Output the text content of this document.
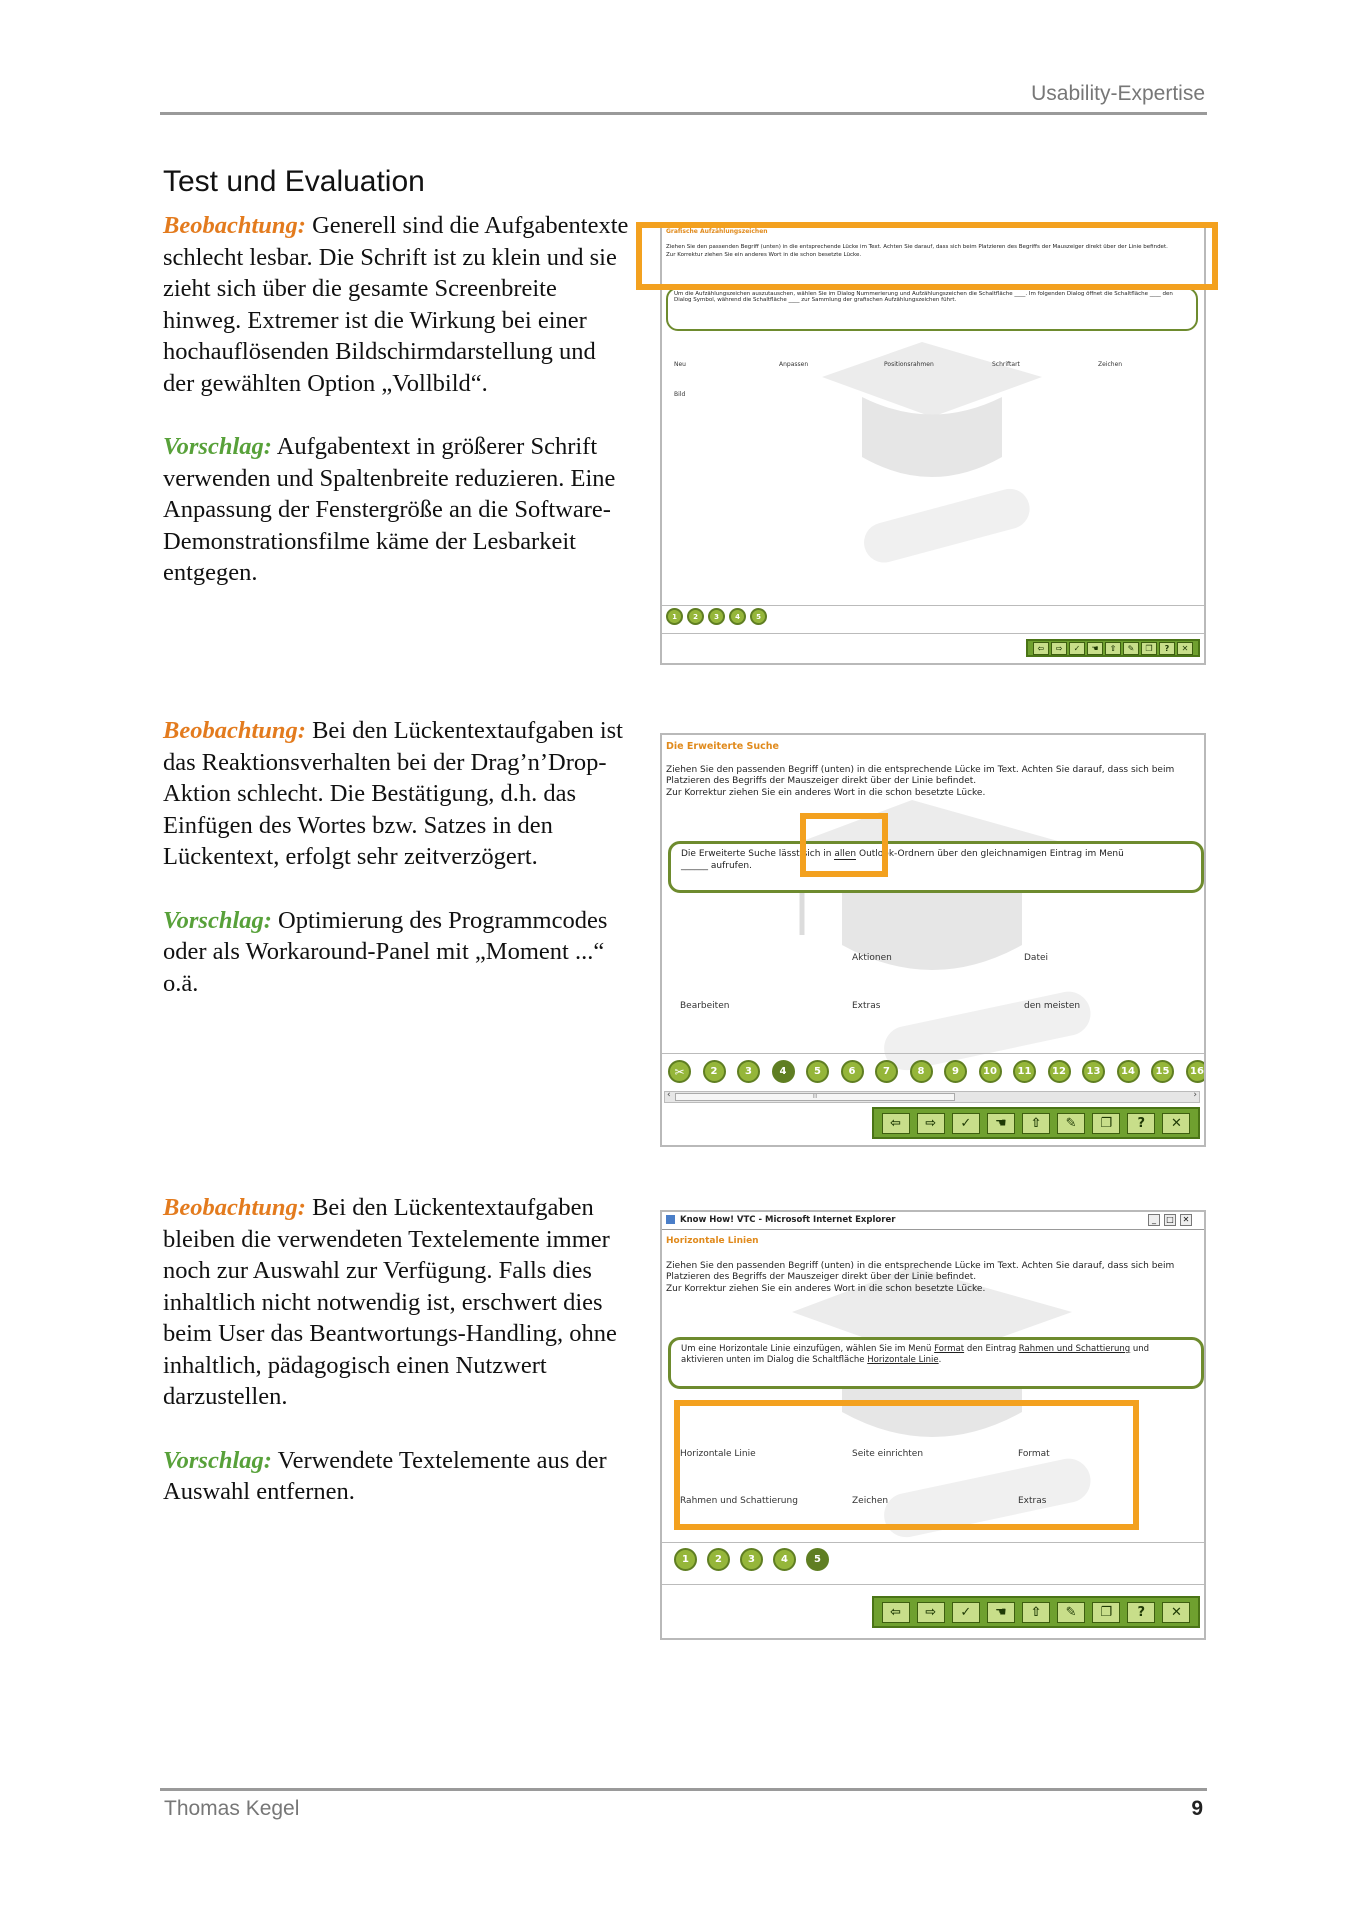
Usability-Expertise
Test und Evaluation

Beobachtung: Generell sind die Aufgabentexte schlecht lesbar. Die Schrift ist zu klein und sie zieht sich über die gesamte Screenbreite hinweg. Extremer ist die Wirkung bei einer hochauflösenden Bildschirmdarstellung und der gewählten Option „Vollbild“.

Vorschlag: Aufgabentext in größerer Schrift verwenden und Spaltenbreite reduzieren. Eine Anpassung der Fenstergröße an die Software-Demonstrationsfilme käme der Lesbarkeit entgegen.

Beobachtung: Bei den Lückentextaufgaben ist das Reaktionsverhalten bei der Drag’n’Drop-Aktion schlecht. Die Bestätigung, d.h. das Einfügen des Wortes bzw. Satzes in den Lückentext, erfolgt sehr zeitverzögert.

Vorschlag: Optimierung des Programmcodes oder als Workaround-Panel mit „Moment ...“ o.ä.

Beobachtung: Bei den Lückentextaufgaben bleiben die verwendeten Textelemente immer noch zur Auswahl zur Verfügung. Falls dies inhaltlich nicht notwendig ist, erschwert dies beim User das Beantwortungs-Handling, ohne inhaltlich, pädagogisch einen Nutzwert darzustellen.

Vorschlag: Verwendete Textelemente aus der Auswahl entfernen.

Grafische Aufzählungszeichen
Ziehen Sie den passenden Begriff (unten) in die entsprechende Lücke im Text. Achten Sie darauf, dass sich beim Platzieren des Begriffs der Mauszeiger direkt über der Linie befindet.
Zur Korrektur ziehen Sie ein anderes Wort in die schon besetzte Lücke.
Um die Aufzählungszeichen auszutauschen, wählen Sie im Dialog Nummerierung und Aufzählungszeichen die Schaltfläche ____. Im folgenden Dialog öffnet die Schaltfläche ____ den Dialog Symbol, während die Schaltfläche ____ zur Sammlung der grafischen Aufzählungszeichen führt.
Neu	Anpassen	Positionsrahmen	Schriftart	Zeichen
Bild
1	2	3	4	5
⇦	⇨	✓	☚	⇧	✎	❐	?	✕
Die Erweiterte Suche
Ziehen Sie den passenden Begriff (unten) in die entsprechende Lücke im Text. Achten Sie darauf, dass sich beim Platzieren des Begriffs der Mauszeiger direkt über der Linie befindet.
Zur Korrektur ziehen Sie ein anderes Wort in die schon besetzte Lücke.
Die Erweiterte Suche lässt sich in allen Outlook-Ordnern über den gleichnamigen Eintrag im Menü
______ aufrufen.
Aktionen	Datei
Bearbeiten	Extras	den meisten
✂	2	3	4	5	6	7	8	9	10	11	12	13	14	15	16
‹	III	›
⇦	⇨	✓	☚	⇧	✎	❐	?	✕
Know How! VTC - Microsoft Internet Explorer	_	□	✕
Horizontale Linien
Ziehen Sie den passenden Begriff (unten) in die entsprechende Lücke im Text. Achten Sie darauf, dass sich beim Platzieren des Begriffs der Mauszeiger direkt über der Linie befindet.
Zur Korrektur ziehen Sie ein anderes Wort in die schon besetzte Lücke.
Um eine Horizontale Linie einzufügen, wählen Sie im Menü Format den Eintrag Rahmen und Schattierung und aktivieren unten im Dialog die Schaltfläche Horizontale Linie.
Horizontale Linie	Seite einrichten	Format
Rahmen und Schattierung	Zeichen	Extras
1	2	3	4	5
⇦	⇨	✓	☚	⇧	✎	❐	?	✕
Thomas Kegel	9
